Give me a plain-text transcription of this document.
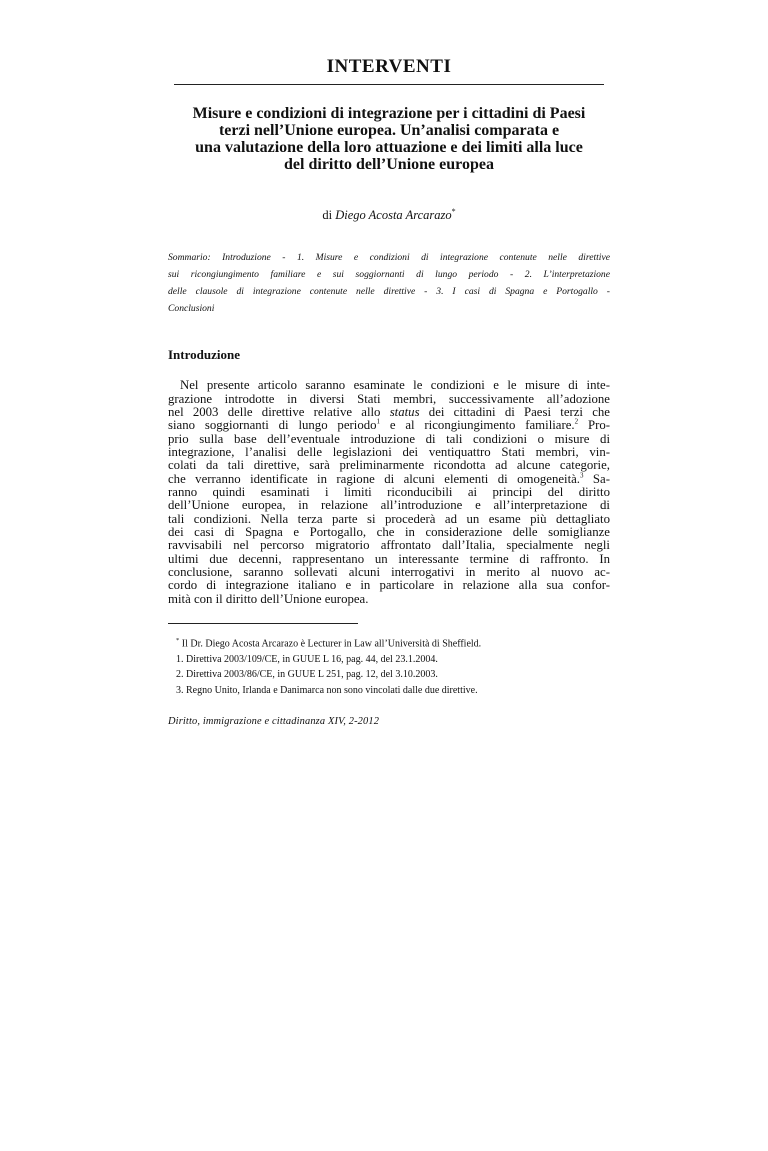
INTERVENTI
Misure e condizioni di integrazione per i cittadini di Paesi
terzi nell’Unione europea. Un’analisi comparata e
una valutazione della loro attuazione e dei limiti alla luce
del diritto dell’Unione europea
di Diego Acosta Arcarazo*
Sommario: Introduzione - 1. Misure e condizioni di integrazione contenute nelle direttive
sui ricongiungimento familiare e sui soggiornanti di lungo periodo - 2. L’interpretazione
delle clausole di integrazione contenute nelle direttive - 3. I casi di Spagna e Portogallo -
Conclusioni
Introduzione
Nel presente articolo saranno esaminate le condizioni e le misure di inte-
grazione introdotte in diversi Stati membri, successivamente all’adozione
nel 2003 delle direttive relative allo status dei cittadini di Paesi terzi che
siano soggiornanti di lungo periodo$^1$ e al ricongiungimento familiare.$^2$ Pro-
prio sulla base dell’eventuale introduzione di tali condizioni o misure di
integrazione, l’analisi delle legislazioni dei ventiquattro Stati membri, vin-
colati da tali direttive, sarà preliminarmente ricondotta ad alcune categorie,
che verranno identificate in ragione di alcuni elementi di omogeneità.$^3$ Sa-
ranno quindi esaminati i limiti riconducibili ai principi del diritto
dell’Unione europea, in relazione all’introduzione e all’interpretazione di
tali condizioni. Nella terza parte si procederà ad un esame più dettagliato
dei casi di Spagna e Portogallo, che in considerazione delle somiglianze
ravvisabili nel percorso migratorio affrontato dall’Italia, specialmente negli
ultimi due decenni, rappresentano un interessante termine di raffronto. In
conclusione, saranno sollevati alcuni interrogativi in merito al nuovo ac-
cordo di integrazione italiano e in particolare in relazione alla sua confor-
mità con il diritto dell’Unione europea.
* Il Dr. Diego Acosta Arcarazo è Lecturer in Law all’Università di Sheffield.
1. Direttiva 2003/109/CE, in GUUE L 16, pag. 44, del 23.1.2004.
2. Direttiva 2003/86/CE, in GUUE L 251, pag. 12, del 3.10.2003.
3. Regno Unito, Irlanda e Danimarca non sono vincolati dalle due direttive.
Diritto, immigrazione e cittadinanza XIV, 2-2012
